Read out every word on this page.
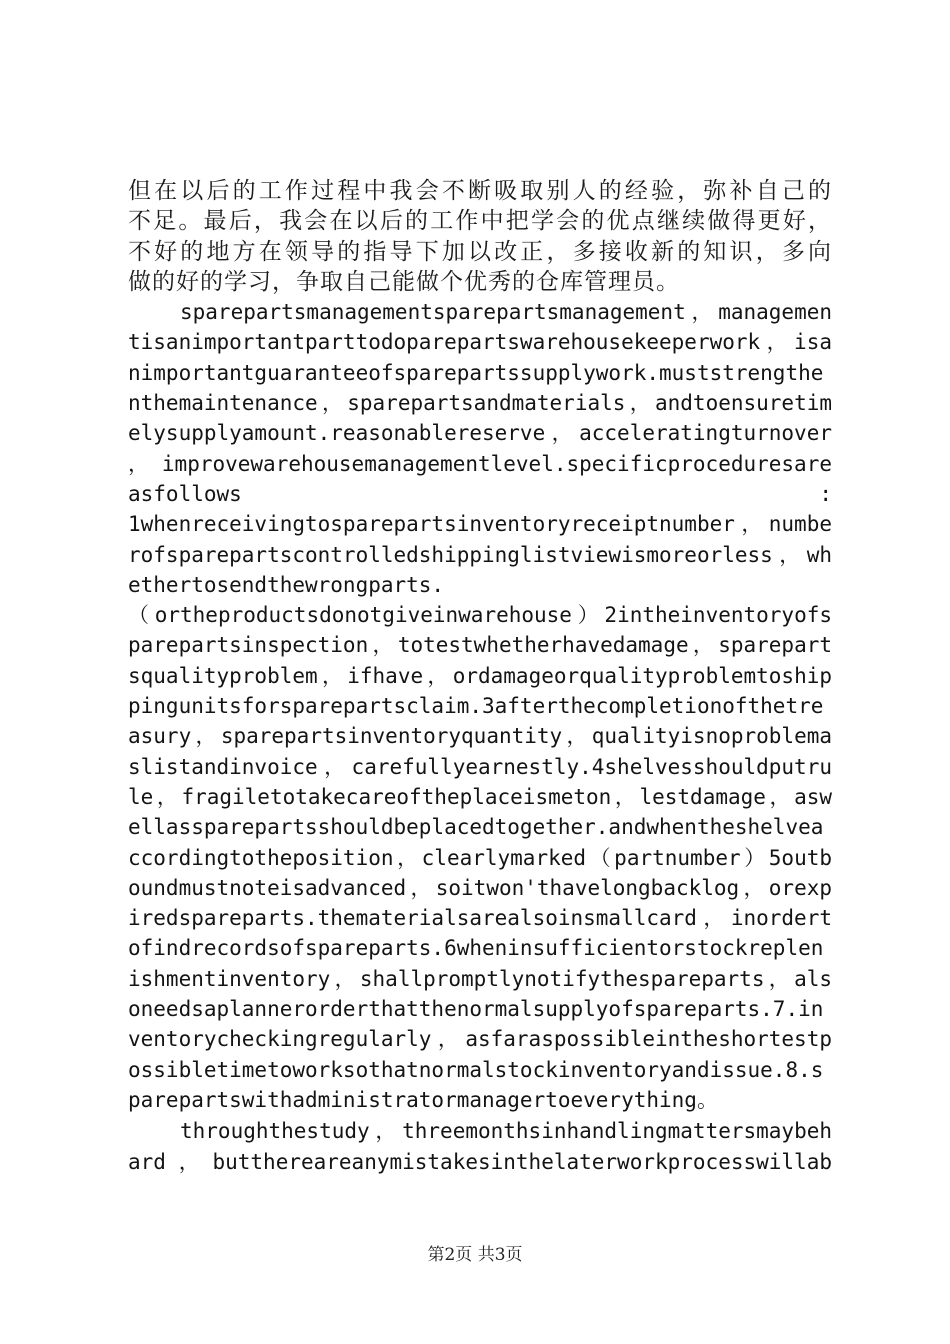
但在以后的工作过程中我会不断吸取别人的经验，弥补自己的
不足。最后，我会在以后的工作中把学会的优点继续做得更好，
不好的地方在领导的指导下加以改正，多接收新的知识，多向
做的好的学习，争取自己能做个优秀的仓库管理员。
sparepartsmanagementsparepartsmanagement，managemen
tisanimportantparttodoparepartswarehousekeeperwork，isa
nimportantguaranteeofsparepartssupplywork.muststrengthe
nthemaintenance，sparepartsandmaterials，andtoensuretim
elysupplyamount.reasonablereserve，acceleratingturnover
，improvewarehousemanagementlevel.specificproceduresare
asfollows                                            :
1whenreceivingtosparepartsinventoryreceiptnumber，numbe
rofsparepartscontrolledshippinglistviewismoreorless，wh
ethertosendthewrongparts.
（ortheproductsdonotgiveinwarehouse）2intheinventoryofs
parepartsinspection，totestwhetherhavedamage，sparepart
squalityproblem，ifhave，ordamageorqualityproblemtoship
pingunitsforsparepartsclaim.3afterthecompletionofthetre
asury，sparepartsinventoryquantity，qualityisnoproblema
slistandinvoice，carefullyearnestly.4shelvesshouldputru
le，fragiletotakecareoftheplaceismeton，lestdamage，asw
ellassparepartsshouldbeplacedtogether.andwhentheshelvea
ccordingtotheposition，clearlymarked（partnumber）5outb
oundmustnoteisadvanced，soitwon'thavelongbacklog，orexp
iredspareparts.thematerialsarealsoinsmallcard，inordert
ofindrecordsofspareparts.6wheninsufficientorstockreplen
ishmentinventory，shallpromptlynotifythespareparts，als
oneedsaplannerorderthatthenormalsupplyofspareparts.7.in
ventorycheckingregularly，asfaraspossibleintheshortestp
ossibletimetoworksothatnormalstockinventoryandissue.8.s
parepartswithadministratormanagertoeverything。
throughthestudy，threemonthsinhandlingmattersmaybeh
ard，butthereareanymistakesinthelaterworkprocesswillab
第2页 共3页
